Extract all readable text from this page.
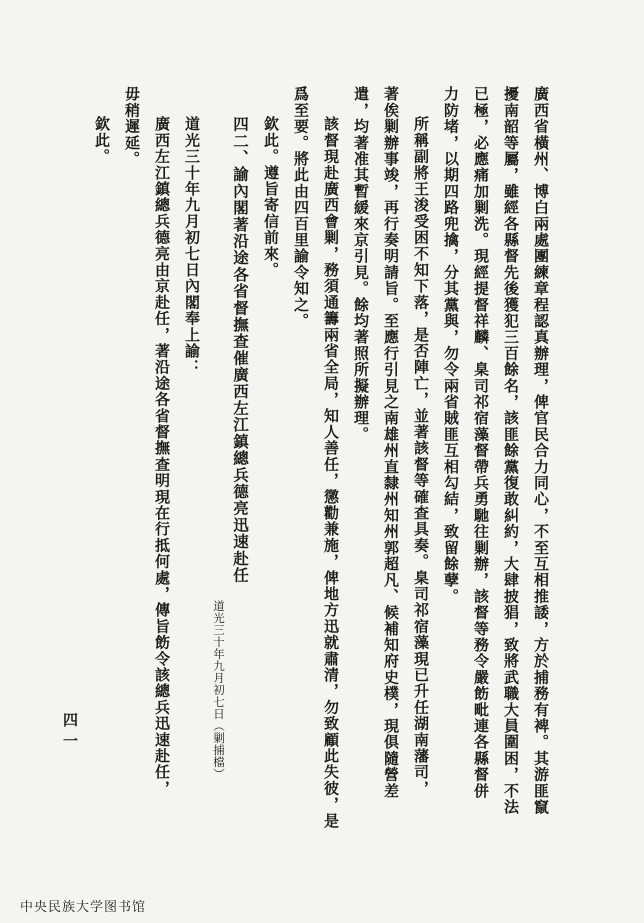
廣西省橫州、博白兩處團練章程認真辦理，俾官民合力同心，不至互相推諉，方於捕務有裨。其游匪竄
擾南韶等屬，雖經各縣督先後獲犯三百餘名，該匪餘黨復敢糾約，大肆披猖，致將武職大員圍困，不法
已極，必應痛加剿洗。現經提督祥麟、臬司祁宿藻督帶兵勇馳往剿辦，該督等務令嚴飭毗連各縣督併
力防堵，以期四路兜擒，分其黨與，勿令兩省賊匪互相勾結，致留餘孽。
所稱副將王浚受困不知下落，是否陣亡，並著該督等確查具奏。臬司祁宿藻現已升任湖南藩司，
著俟剿辦事竣，再行奏明請旨。至應行引見之南雄州直隸州知州郭超凡、候補知府史樸，現俱隨營差
遣，均著准其暫緩來京引見。餘均著照所擬辦理。
該督現赴廣西會剿，務須通籌兩省全局，知人善任，懲勸兼施，俾地方迅就肅清，勿致顧此失彼，是
爲至要。將此由四百里諭令知之。
欽此。遵旨寄信前來。
四二、諭內閣著沿途各省督撫查催廣西左江鎮總兵德亮迅速赴任
道光三十年九月初七日（剿捕檔）
道光三十年九月初七日內閣奉上諭：
廣西左江鎮總兵德亮由京赴任，著沿途各省督撫查明現在行抵何處，傳旨飭令該總兵迅速赴任，
毋稍遲延。
欽此。
四一
中央民族大学图书馆
